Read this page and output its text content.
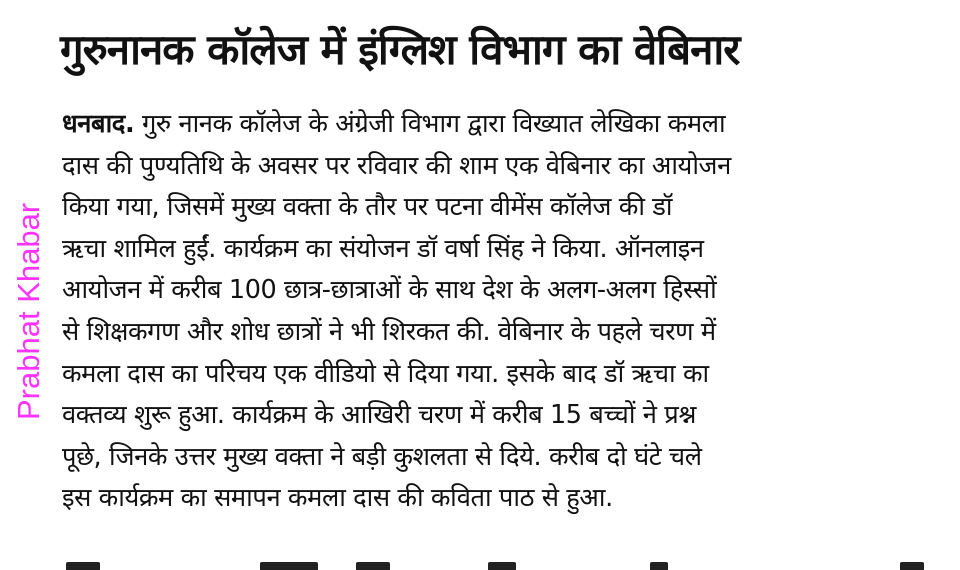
गुरुनानक कॉलेज में इंग्लिश विभाग का वेबिनार
Prabhat Khabar
धनबाद. गुरु नानक कॉलेज के अंग्रेजी विभाग द्वारा विख्यात लेखिका कमला
दास की पुण्यतिथि के अवसर पर रविवार की शाम एक वेबिनार का आयोजन
किया गया, जिसमें मुख्य वक्ता के तौर पर पटना वीमेंस कॉलेज की डॉ
ऋचा शामिल हुईं. कार्यक्रम का संयोजन डॉ वर्षा सिंह ने किया. ऑनलाइन
आयोजन में करीब 100 छात्र-छात्राओं के साथ देश के अलग-अलग हिस्सों
से शिक्षकगण और शोध छात्रों ने भी शिरकत की. वेबिनार के पहले चरण में
कमला दास का परिचय एक वीडियो से दिया गया. इसके बाद डॉ ऋचा का
वक्तव्य शुरू हुआ. कार्यक्रम के आखिरी चरण में करीब 15 बच्चों ने प्रश्न
पूछे, जिनके उत्तर मुख्य वक्ता ने बड़ी कुशलता से दिये. करीब दो घंटे चले
इस कार्यक्रम का समापन कमला दास की कविता पाठ से हुआ.
